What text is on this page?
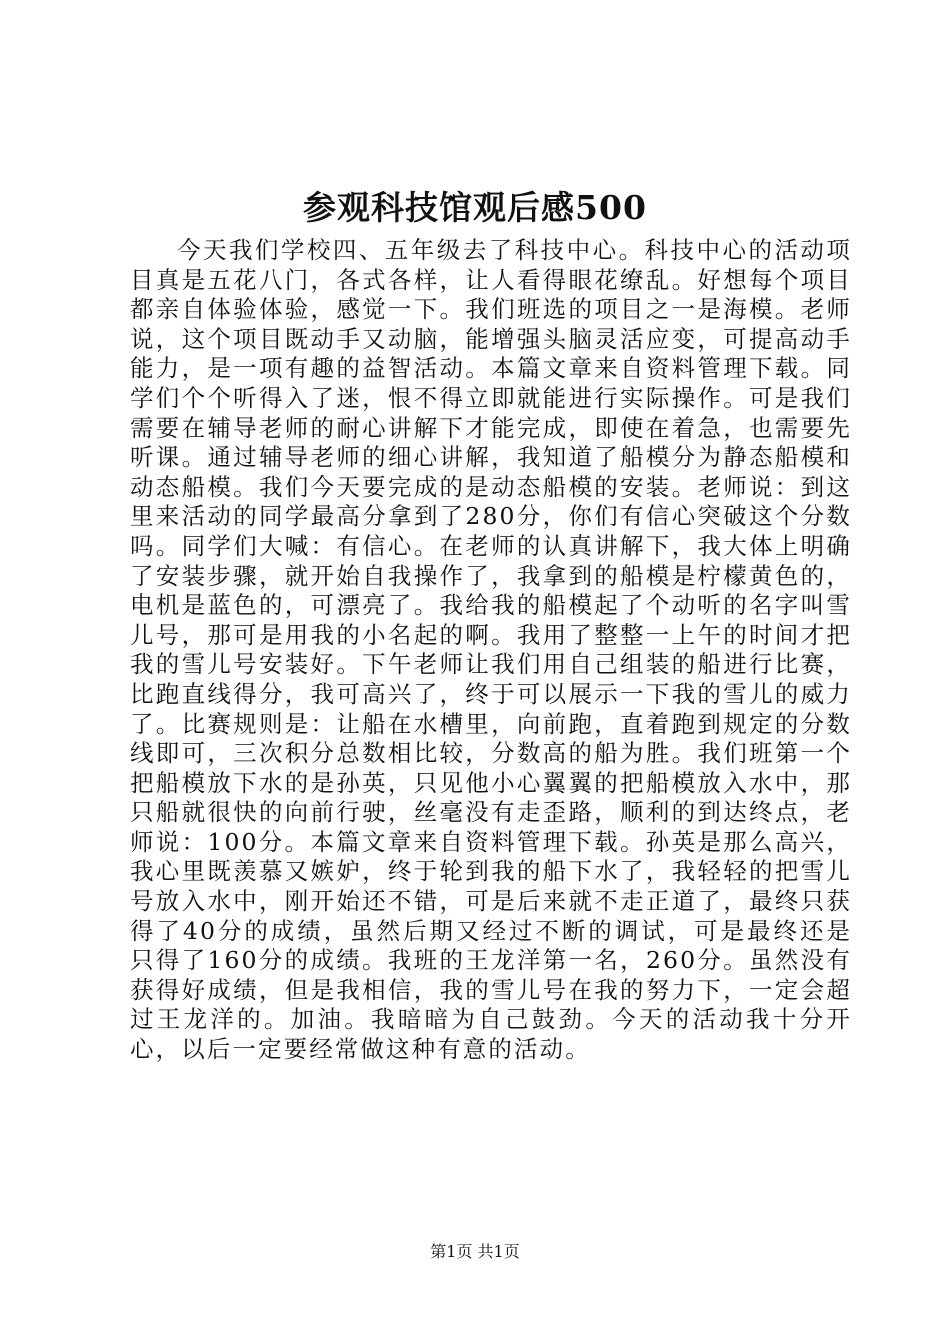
参观科技馆观后感500

今天我们学校四、五年级去了科技中心。科技中心的活动项目真是五花八门，各式各样，让人看得眼花缭乱。好想每个项目都亲自体验体验，感觉一下。我们班选的项目之一是海模。老师说，这个项目既动手又动脑，能增强头脑灵活应变，可提高动手能力，是一项有趣的益智活动。本篇文章来自资料管理下载。同学们个个听得入了迷，恨不得立即就能进行实际操作。可是我们需要在辅导老师的耐心讲解下才能完成，即使在着急，也需要先听课。通过辅导老师的细心讲解，我知道了船模分为静态船模和动态船模。我们今天要完成的是动态船模的安装。老师说：到这里来活动的同学最高分拿到了280分，你们有信心突破这个分数吗。同学们大喊：有信心。在老师的认真讲解下，我大体上明确了安装步骤，就开始自我操作了，我拿到的船模是柠檬黄色的，电机是蓝色的，可漂亮了。我给我的船模起了个动听的名字叫雪儿号，那可是用我的小名起的啊。我用了整整一上午的时间才把我的雪儿号安装好。下午老师让我们用自己组装的船进行比赛，比跑直线得分，我可高兴了，终于可以展示一下我的雪儿的威力了。比赛规则是：让船在水槽里，向前跑，直着跑到规定的分数线即可，三次积分总数相比较，分数高的船为胜。我们班第一个把船模放下水的是孙英，只见他小心翼翼的把船模放入水中，那只船就很快的向前行驶，丝毫没有走歪路，顺利的到达终点，老师说：100分。本篇文章来自资料管理下载。孙英是那么高兴，我心里既羡慕又嫉妒，终于轮到我的船下水了，我轻轻的把雪儿号放入水中，刚开始还不错，可是后来就不走正道了，最终只获得了40分的成绩，虽然后期又经过不断的调试，可是最终还是只得了160分的成绩。我班的王龙洋第一名，260分。虽然没有获得好成绩，但是我相信，我的雪儿号在我的努力下，一定会超过王龙洋的。加油。我暗暗为自己鼓劲。今天的活动我十分开心，以后一定要经常做这种有意的活动。

第1页 共1页
